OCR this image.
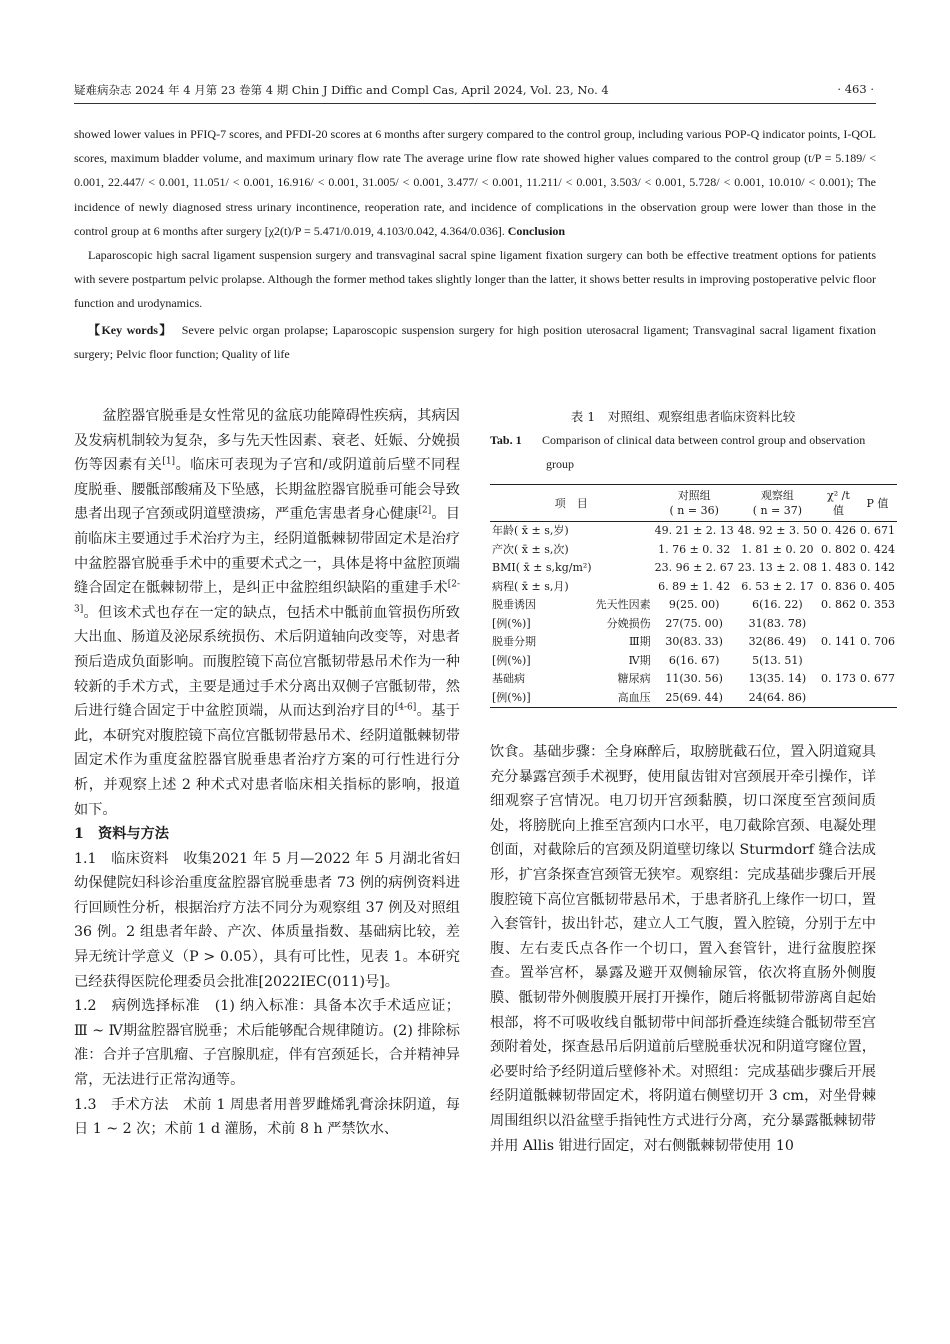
疑难病杂志 2024 年 4 月第 23 卷第 4 期 Chin J Diffic and Compl Cas, April 2024, Vol. 23, No. 4	· 463 ·

showed lower values in PFIQ-7 scores, and PFDI-20 scores at 6 months after surgery compared to the control group, including various POP-Q indicator points, I-QOL scores, maximum bladder volume, and maximum urinary flow rate The average urine flow rate showed higher values compared to the control group (t/P = 5.189/ < 0.001, 22.447/ < 0.001, 11.051/ < 0.001, 16.916/ < 0.001, 31.005/ < 0.001, 3.477/ < 0.001, 11.211/ < 0.001, 3.503/ < 0.001, 5.728/ < 0.001, 10.010/ < 0.001); The incidence of newly diagnosed stress urinary incontinence, reoperation rate, and incidence of complications in the observation group were lower than those in the control group at 6 months after surgery [χ2(t)/P = 5.471/0.019, 4.103/0.042, 4.364/0.036]. Conclusion

Laparoscopic high sacral ligament suspension surgery and transvaginal sacral spine ligament fixation surgery can both be effective treatment options for patients with severe postpartum pelvic prolapse. Although the former method takes slightly longer than the latter, it shows better results in improving postoperative pelvic floor function and urodynamics.

【Key words】 Severe pelvic organ prolapse; Laparoscopic suspension surgery for high position uterosacral ligament; Transvaginal sacral ligament fixation surgery; Pelvic floor function; Quality of life

盆腔器官脱垂是女性常见的盆底功能障碍性疾病，其病因及发病机制较为复杂，多与先天性因素、衰老、妊娠、分娩损伤等因素有关[1]。临床可表现为子宫和/或阴道前后壁不同程度脱垂、腰骶部酸痛及下坠感，长期盆腔器官脱垂可能会导致患者出现子宫颈或阴道壁溃疡，严重危害患者身心健康[2]。目前临床主要通过手术治疗为主，经阴道骶棘韧带固定术是治疗中盆腔器官脱垂手术中的重要术式之一，具体是将中盆腔顶端缝合固定在骶棘韧带上，是纠正中盆腔组织缺陷的重建手术[2-3]。但该术式也存在一定的缺点，包括术中骶前血管损伤所致大出血、肠道及泌尿系统损伤、术后阴道轴向改变等，对患者预后造成负面影响。而腹腔镜下高位宫骶韧带悬吊术作为一种较新的手术方式，主要是通过手术分离出双侧子宫骶韧带，然后进行缝合固定于中盆腔顶端，从而达到治疗目的[4-6]。基于此，本研究对腹腔镜下高位宫骶韧带悬吊术、经阴道骶棘韧带固定术作为重度盆腔器官脱垂患者治疗方案的可行性进行分析，并观察上述 2 种术式对患者临床相关指标的影响，报道如下。

1　资料与方法

1.1　临床资料　收集2021 年 5 月—2022 年 5 月湖北省妇幼保健院妇科诊治重度盆腔器官脱垂患者 73 例的病例资料进行回顾性分析，根据治疗方法不同分为观察组 37 例及对照组 36 例。2 组患者年龄、产次、体质量指数、基础病比较，差异无统计学意义（P > 0.05），具有可比性，见表 1。本研究已经获得医院伦理委员会批准[2022IEC(011)号]。

1.2　病例选择标准　(1) 纳入标准：具备本次手术适应证；Ⅲ ~ Ⅳ期盆腔器官脱垂；术后能够配合规律随访。(2) 排除标准：合并子宫肌瘤、子宫腺肌症，伴有宫颈延长，合并精神异常，无法进行正常沟通等。

1.3　手术方法　术前 1 周患者用普罗雌烯乳膏涂抹阴道，每日 1 ~ 2 次；术前 1 d 灌肠，术前 8 h 严禁饮水、

表 1　对照组、观察组患者临床资料比较
Tab. 1 Comparison of clinical data between control group and observation group
项　目		对照组
( n = 36)	观察组
( n = 37)	χ² /t 值	P 值
年龄( x̄ ± s,岁)		49. 21 ± 2. 13	48. 92 ± 3. 50	0. 426	0. 671
产次( x̄ ± s,次)		1. 76 ± 0. 32	1. 81 ± 0. 20	0. 802	0. 424
BMI( x̄ ± s,kg/m²)		23. 96 ± 2. 67	23. 13 ± 2. 08	1. 483	0. 142
病程( x̄ ± s,月)		6. 89 ± 1. 42	6. 53 ± 2. 17	0. 836	0. 405
脱垂诱因	先天性因素	9(25. 00)	6(16. 22)	0. 862	0. 353
[例(%)]	分娩损伤	27(75. 00)	31(83. 78)		
脱垂分期	Ⅲ期	30(83. 33)	32(86. 49)	0. 141	0. 706
[例(%)]	Ⅳ期	6(16. 67)	5(13. 51)		
基础病	糖尿病	11(30. 56)	13(35. 14)	0. 173	0. 677
[例(%)]	高血压	25(69. 44)	24(64. 86)		

饮食。基础步骤：全身麻醉后，取膀胱截石位，置入阴道窥具充分暴露宫颈手术视野，使用鼠齿钳对宫颈展开牵引操作，详细观察子宫情况。电刀切开宫颈黏膜，切口深度至宫颈间质处，将膀胱向上推至宫颈内口水平，电刀截除宫颈、电凝处理创面，对截除后的宫颈及阴道壁切缘以 Sturmdorf 缝合法成形，扩宫条探查宫颈管无狭窄。观察组：完成基础步骤后开展腹腔镜下高位宫骶韧带悬吊术，于患者脐孔上缘作一切口，置入套管针，拔出针芯，建立人工气腹，置入腔镜，分别于左中腹、左右麦氏点各作一个切口，置入套管针，进行盆腹腔探查。置举宫杯，暴露及避开双侧输尿管，依次将直肠外侧腹膜、骶韧带外侧腹膜开展打开操作，随后将骶韧带游离自起始根部，将不可吸收线自骶韧带中间部折叠连续缝合骶韧带至宫颈附着处，探查悬吊后阴道前后壁脱垂状况和阴道穹窿位置，必要时给予经阴道后壁修补术。对照组：完成基础步骤后开展经阴道骶棘韧带固定术，将阴道右侧壁切开 3 cm，对坐骨棘周围组织以沿盆壁手指钝性方式进行分离，充分暴露骶棘韧带并用 Allis 钳进行固定，对右侧骶棘韧带使用 10
